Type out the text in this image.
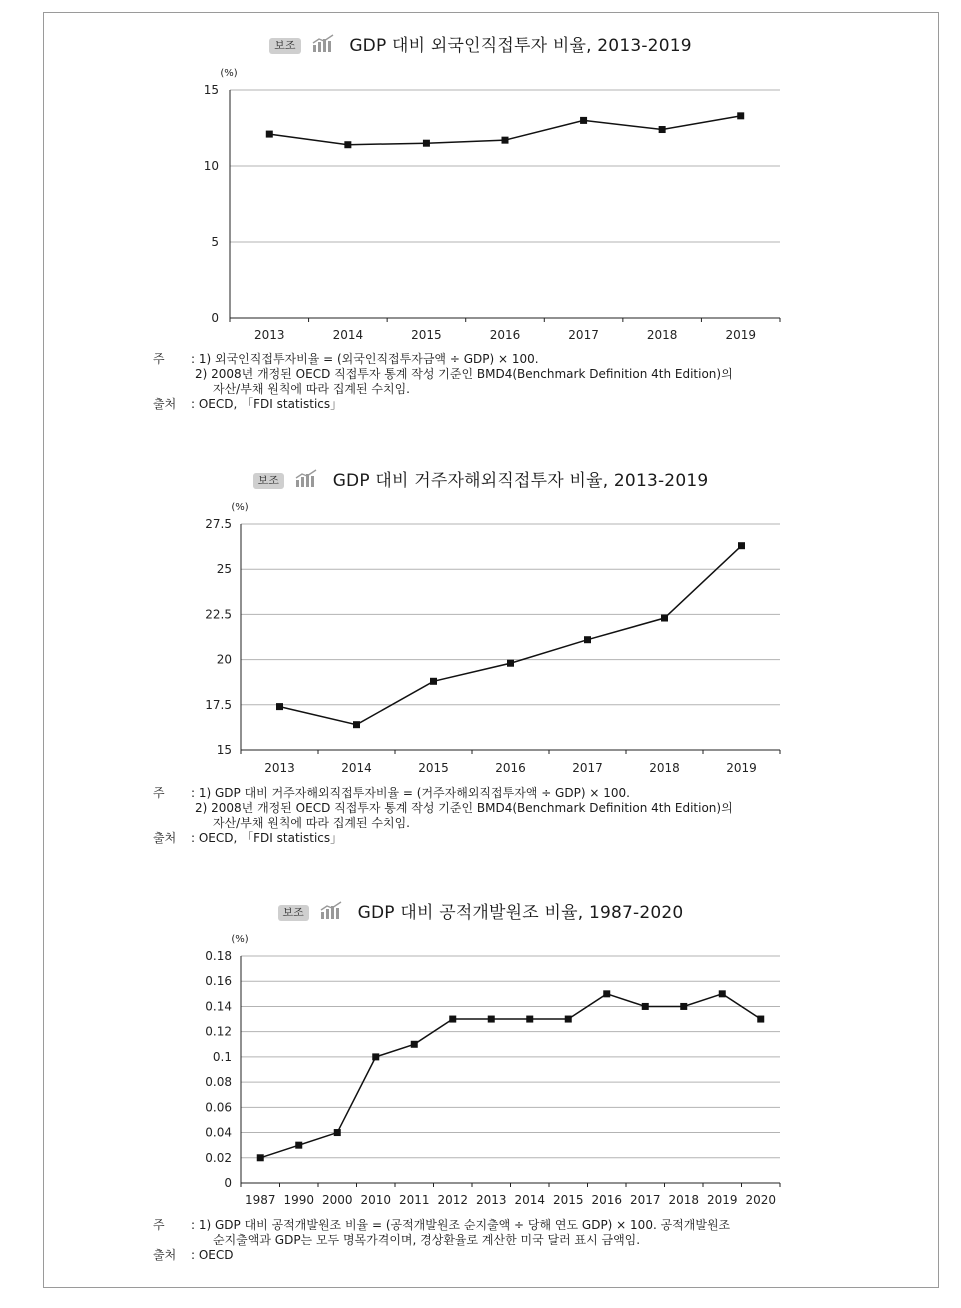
보조	GDP 대비 외국인직접투자 비율, 2013-2019
(%)
0
5
10
15
2013	2014	2015	2016	2017	2018	2019
주 : 1) 외국인직접투자비율 = (외국인직접투자금액 ÷ GDP) × 100.
2) 2008년 개정된 OECD 직접투자 통계 작성 기준인 BMD4(Benchmark Definition 4th Edition)의
자산/부채 원칙에 따라 집계된 수치임.
출처 : OECD, 「FDI statistics」
보조	GDP 대비 거주자해외직접투자 비율, 2013-2019
(%)
15
17.5
20
22.5
25
27.5
2013	2014	2015	2016	2017	2018	2019
주 : 1) GDP 대비 거주자해외직접투자비율 = (거주자해외직접투자액 ÷ GDP) × 100.
2) 2008년 개정된 OECD 직접투자 통계 작성 기준인 BMD4(Benchmark Definition 4th Edition)의
자산/부채 원칙에 따라 집계된 수치임.
출처 : OECD, 「FDI statistics」
보조	GDP 대비 공적개발원조 비율, 1987-2020
(%)
0
0.02
0.04
0.06
0.08
0.1
0.12
0.14
0.16
0.18
1987 1990 2000 2010 2011 2012 2013 2014 2015 2016 2017 2018 2019 2020
주 : 1) GDP 대비 공적개발원조 비율 = (공적개발원조 순지출액 ÷ 당해 연도 GDP) × 100. 공적개발원조
순지출액과 GDP는 모두 명목가격이며, 경상환율로 계산한 미국 달러 표시 금액임.
출처 : OECD
